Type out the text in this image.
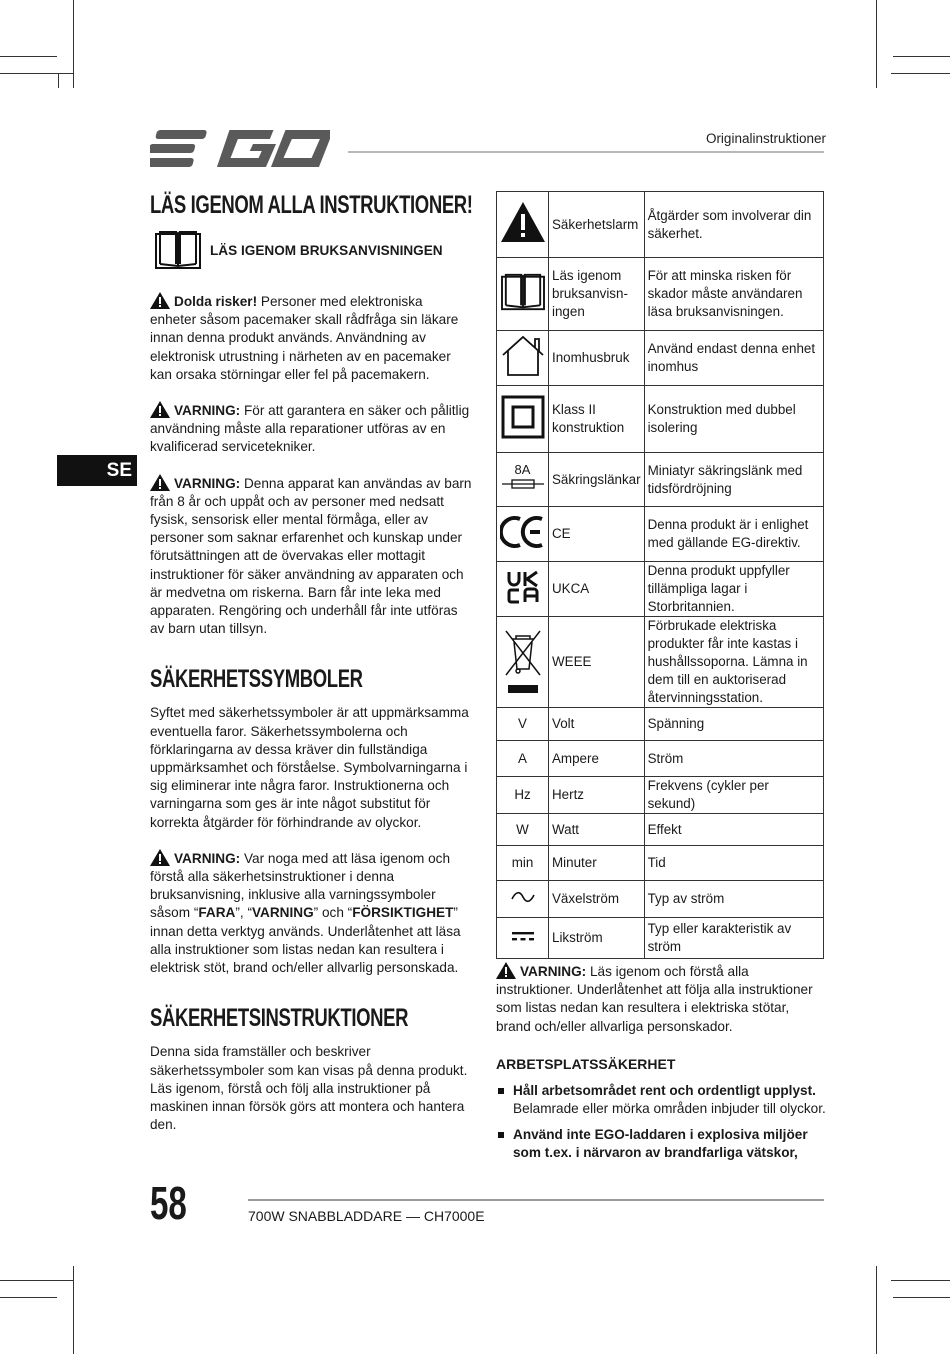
Originalinstruktioner
SE
LÄS IGENOM ALLA INSTRUKTIONER!
LÄS IGENOM BRUKSANVISNINGEN

Dolda risker! Personer med elektroniska enheter såsom pacemaker skall rådfråga sin läkare innan denna produkt används. Användning av elektronisk utrustning i närheten av en pacemaker kan orsaka störningar eller fel på pacemakern.

VARNING: För att garantera en säker och pålitlig användning måste alla reparationer utföras av en kvalificerad servicetekniker.

VARNING: Denna apparat kan användas av barn från 8 år och uppåt och av personer med nedsatt fysisk, sensorisk eller mental förmåga, eller av personer som saknar erfarenhet och kunskap under förutsättningen att de övervakas eller mottagit instruktioner för säker användning av apparaten och är medvetna om riskerna. Barn får inte leka med apparaten. Rengöring och underhåll får inte utföras av barn utan tillsyn.

SÄKERHETSSYMBOLER

Syftet med säkerhetssymboler är att uppmärksamma eventuella faror. Säkerhetssymbolerna och förklaringarna av dessa kräver din fullständiga uppmärksamhet och förståelse. Symbolvarningarna i sig eliminerar inte några faror. Instruktionerna och varningarna som ges är inte något substitut för korrekta åtgärder för förhindrande av olyckor.

VARNING: Var noga med att läsa igenom och förstå alla säkerhetsinstruktioner i denna bruksanvisning, inklusive alla varningssymboler såsom “FARA”, “VARNING” och “FÖRSIKTIGHET” innan detta verktyg används. Underlåtenhet att läsa alla instruktioner som listas nedan kan resultera i elektrisk stöt, brand och/eller allvarlig personskada.

SÄKERHETSINSTRUKTIONER

Denna sida framställer och beskriver säkerhetssymboler som kan visas på denna produkt. Läs igenom, förstå och följ alla instruktioner på maskinen innan försök görs att montera och hantera den.

	Säkerhetslarm	Åtgärder som involverar din säkerhet.
	Läs igenom bruksanvisn-ingen	För att minska risken för skador måste användaren läsa bruksanvisningen.
	Inomhusbruk	Använd endast denna enhet inomhus
	Klass II konstruktion	Konstruktion med dubbel isolering

8A	Säkringslänkar	Miniatyr säkringslänk med tidsfördröjning
	CE	Denna produkt är i enlighet med gällande EG-direktiv.
	UKCA	Denna produkt uppfyller tillämpliga lagar i Storbritannien.
	WEEE	Förbrukade elektriska produkter får inte kastas i hushållssoporna. Lämna in dem till en auktoriserad återvinningsstation.
V	Volt	Spänning
A	Ampere	Ström
Hz	Hertz	Frekvens (cykler per sekund)
W	Watt	Effekt
min	Minuter	Tid
	Växelström	Typ av ström
	Likström	Typ eller karakteristik av ström

VARNING: Läs igenom och förstå alla instruktioner. Underlåtenhet att följa alla instruktioner som listas nedan kan resultera i elektriska stötar, brand och/eller allvarliga personskador.

ARBETSPLATSSÄKERHET

Håll arbetsområdet rent och ordentligt upplyst. Belamrade eller mörka områden inbjuder till olyckor.

Använd inte EGO-laddaren i explosiva miljöer som t.ex. i närvaron av brandfarliga vätskor,

58	700W SNABBLADDARE — CH7000E
